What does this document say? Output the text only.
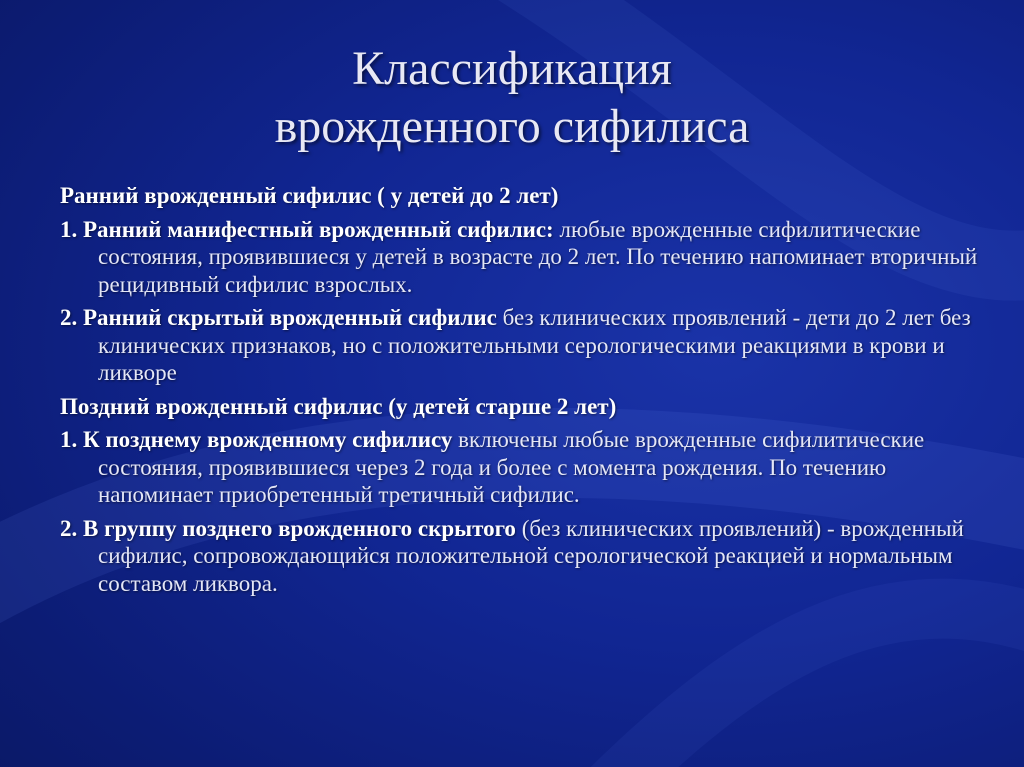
Классификация
врожденного сифилиса

Ранний врожденный сифилис ( у детей до 2 лет)

1. Ранний манифестный врожденный сифилис: любые врожденные сифилитические состояния, проявившиеся у детей в возрасте до 2 лет. По течению напоминает вторичный рецидивный сифилис взрослых.

2. Ранний скрытый врожденный сифилис без клинических проявлений - дети до 2 лет без клинических признаков, но с положительными серологическими реакциями в крови и ликворе

Поздний врожденный сифилис (у детей старше 2 лет)

1. К позднему врожденному сифилису включены любые врожденные сифилитические состояния, проявившиеся через 2 года и более с момента рождения. По течению напоминает приобретенный третичный сифилис.

2. В группу позднего врожденного скрытого (без клинических проявлений) - врожденный сифилис, сопровождающийся положительной серологической реакцией и нормальным составом ликвора.
